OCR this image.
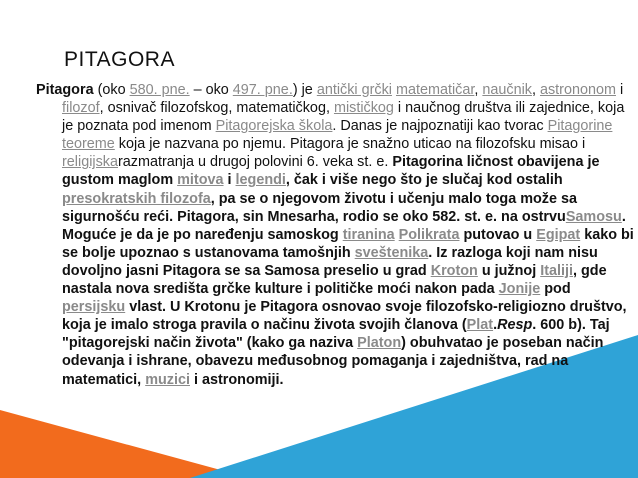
PITAGORA
Pitagora (oko 580. pne. – oko 497. pne.) je antički grčki matematičar, naučnik, astrononom i filozof, osnivač filozofskog, matematičkog, mističkog i naučnog društva ili zajednice, koja je poznata pod imenom Pitagorejska škola. Danas je najpoznatiji kao tvorac Pitagorine teoreme koja je nazvana po njemu. Pitagora je snažno uticao na filozofsku misao i religijskarazmatranja u drugoj polovini 6. veka st. e. Pitagorina ličnost obavijena je gustom maglom mitova i legendi, čak i više nego što je slučaj kod ostalih presokratskih filozofa, pa se o njegovom životu i učenju malo toga može sa sigurnošću reći. Pitagora, sin Mnesarha, rodio se oko 582. st. e. na ostrvuSamosu. Moguće je da je po naređenju samoskog tiranina Polikrata putovao u Egipat kako bi se bolje upoznao s ustanovama tamošnjih sveštenika. Iz razloga koji nam nisu dovoljno jasni Pitagora se sa Samosa preselio u grad Kroton u južnoj Italiji, gde nastala nova središta grčke kulture i političke moći nakon pada Jonije pod persijsku vlast. U Krotonu je Pitagora osnovao svoje filozofsko-religiozno društvo, koja je imalo stroga pravila o načinu života svojih članova (Plat.Resp. 600 b). Taj "pitagorejski način života" (kako ga naziva Platon) obuhvatao je poseban način odevanja i ishrane, obavezu međusobnog pomaganja i zajedništva, rad na matematici, muzici i astronomiji.
